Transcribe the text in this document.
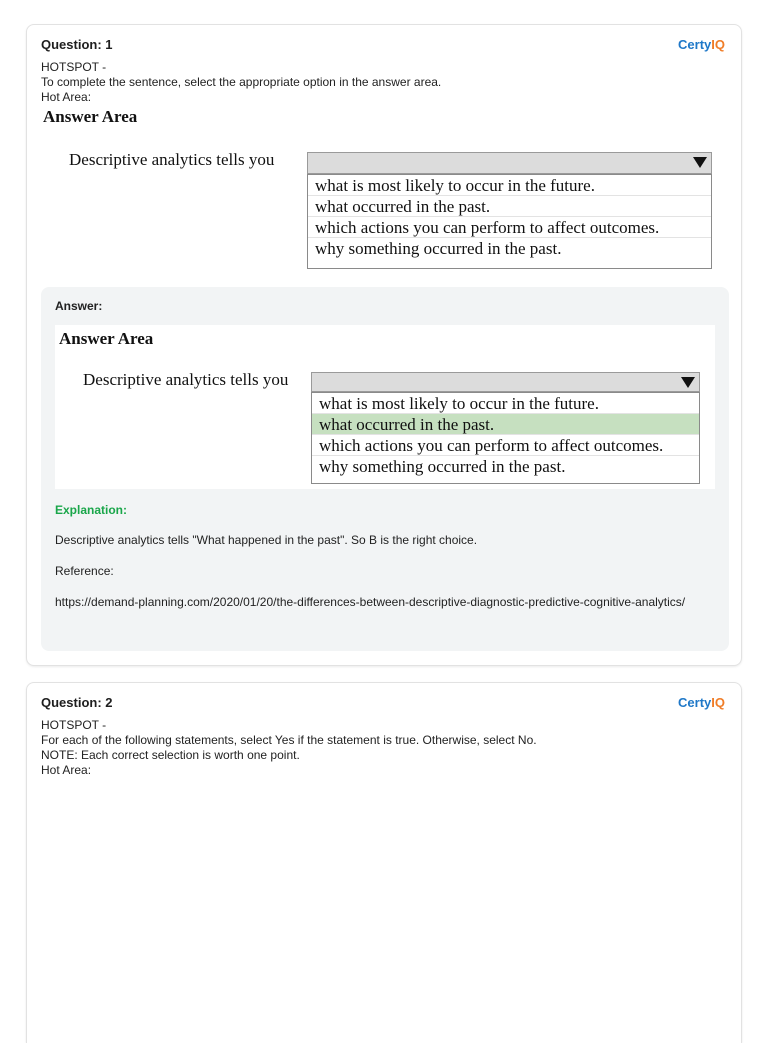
Question: 1	CertyIQ
HOTSPOT -
To complete the sentence, select the appropriate option in the answer area.
Hot Area:
Answer Area
Descriptive analytics tells you
what is most likely to occur in the future.
what occurred in the past.
which actions you can perform to affect outcomes.
why something occurred in the past.
Answer:
Answer Area
Descriptive analytics tells you
what is most likely to occur in the future.
what occurred in the past.
which actions you can perform to affect outcomes.
why something occurred in the past.
Explanation:
Descriptive analytics tells "What happened in the past". So B is the right choice.
Reference:
https://demand-planning.com/2020/01/20/the-differences-between-descriptive-diagnostic-predictive-cognitive-analytics/
Question: 2	CertyIQ
HOTSPOT -
For each of the following statements, select Yes if the statement is true. Otherwise, select No.
NOTE: Each correct selection is worth one point.
Hot Area:
